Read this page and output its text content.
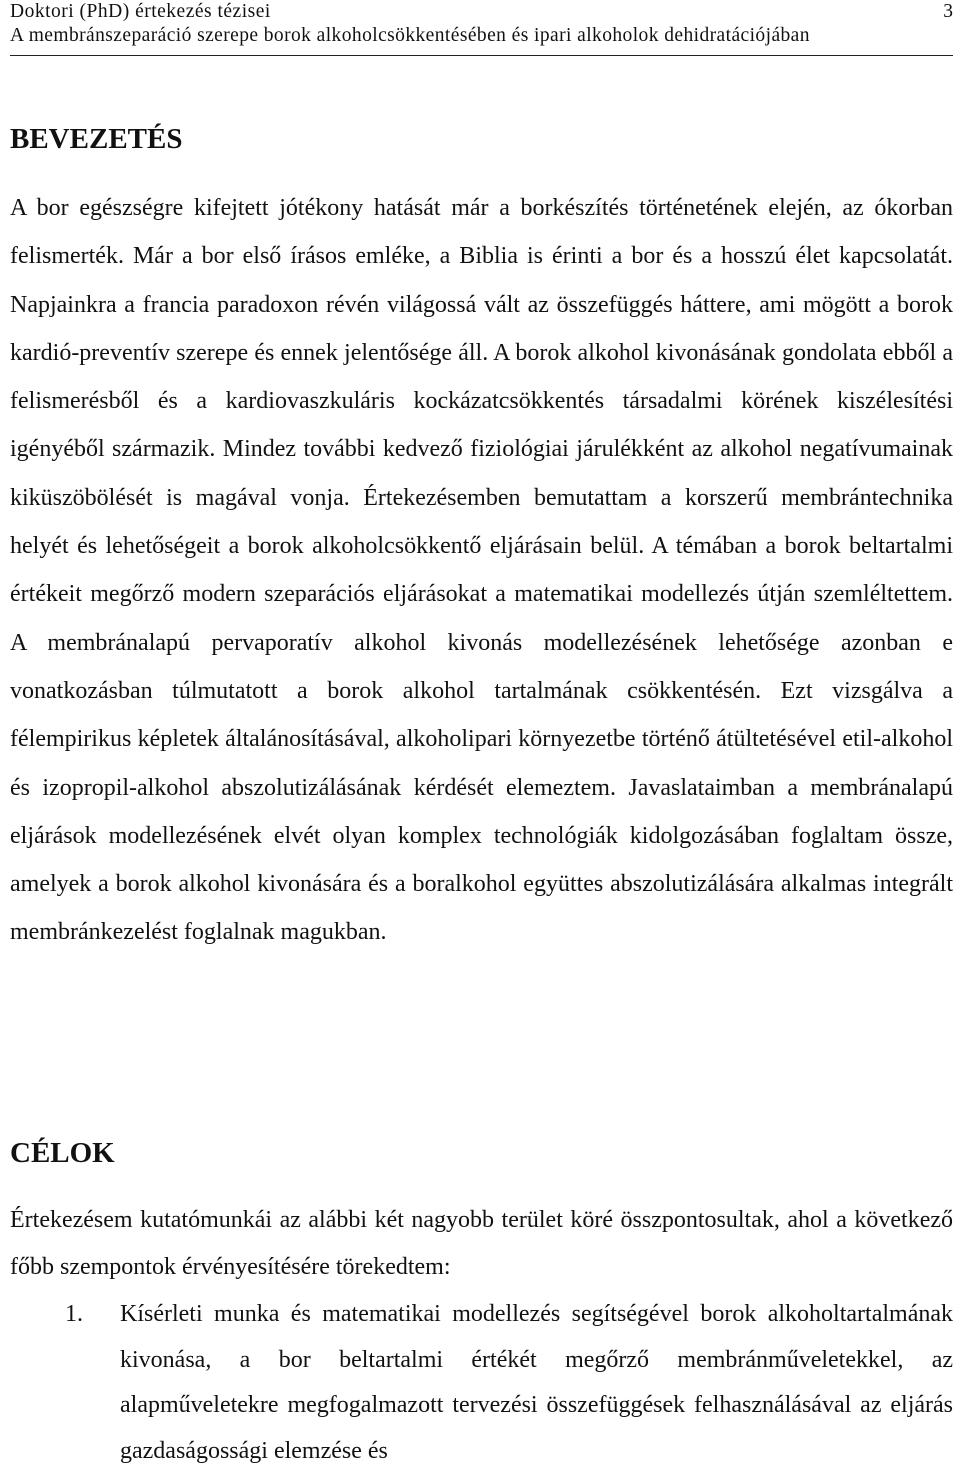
Doktori (PhD) értekezés tézisei
A membránszeparáció szerepe borok alkoholcsökkentésében és ipari alkoholok dehidratációjában
3
BEVEZETÉS

A bor egészségre kifejtett jótékony hatását már a borkészítés történetének elején, az ókorban felismerték. Már a bor első írásos emléke, a Biblia is érinti a bor és a hosszú élet kapcsolatát. Napjainkra a francia paradoxon révén világossá vált az összefüggés háttere, ami mögött a borok kardió-preventív szerepe és ennek jelentősége áll. A borok alkohol kivonásának gondolata ebből a felismerésből és a kardiovaszkuláris kockázatcsökkentés társadalmi körének kiszélesítési igényéből származik. Mindez további kedvező fiziológiai járulékként az alkohol negatívumainak kiküszöbölését is magával vonja. Értekezésemben bemutattam a korszerű membrántechnika helyét és lehetőségeit a borok alkoholcsökkentő eljárásain belül. A témában a borok beltartalmi értékeit megőrző modern szeparációs eljárásokat a matematikai modellezés útján szemléltettem. A membránalapú pervaporatív alkohol kivonás modellezésének lehetősége azonban e vonatkozásban túlmutatott a borok alkohol tartalmának csökkentésén. Ezt vizsgálva a félempirikus képletek általánosításával, alkoholipari környezetbe történő átültetésével etil-alkohol és izopropil-alkohol abszolutizálásának kérdését elemeztem. Javaslataimban a membránalapú eljárások modellezésének elvét olyan komplex technológiák kidolgozásában foglaltam össze, amelyek a borok alkohol kivonására és a boralkohol együttes abszolutizálására alkalmas integrált membránkezelést foglalnak magukban.

CÉLOK

Értekezésem kutatómunkái az alábbi két nagyobb terület köré összpontosultak, ahol a következő főbb szempontok érvényesítésére törekedtem:

1. Kísérleti munka és matematikai modellezés segítségével borok alkoholtartalmának kivonása, a bor beltartalmi értékét megőrző membránműveletekkel, az alapműveletekre megfogalmazott tervezési összefüggések felhasználásával az eljárás gazdaságossági elemzése és
